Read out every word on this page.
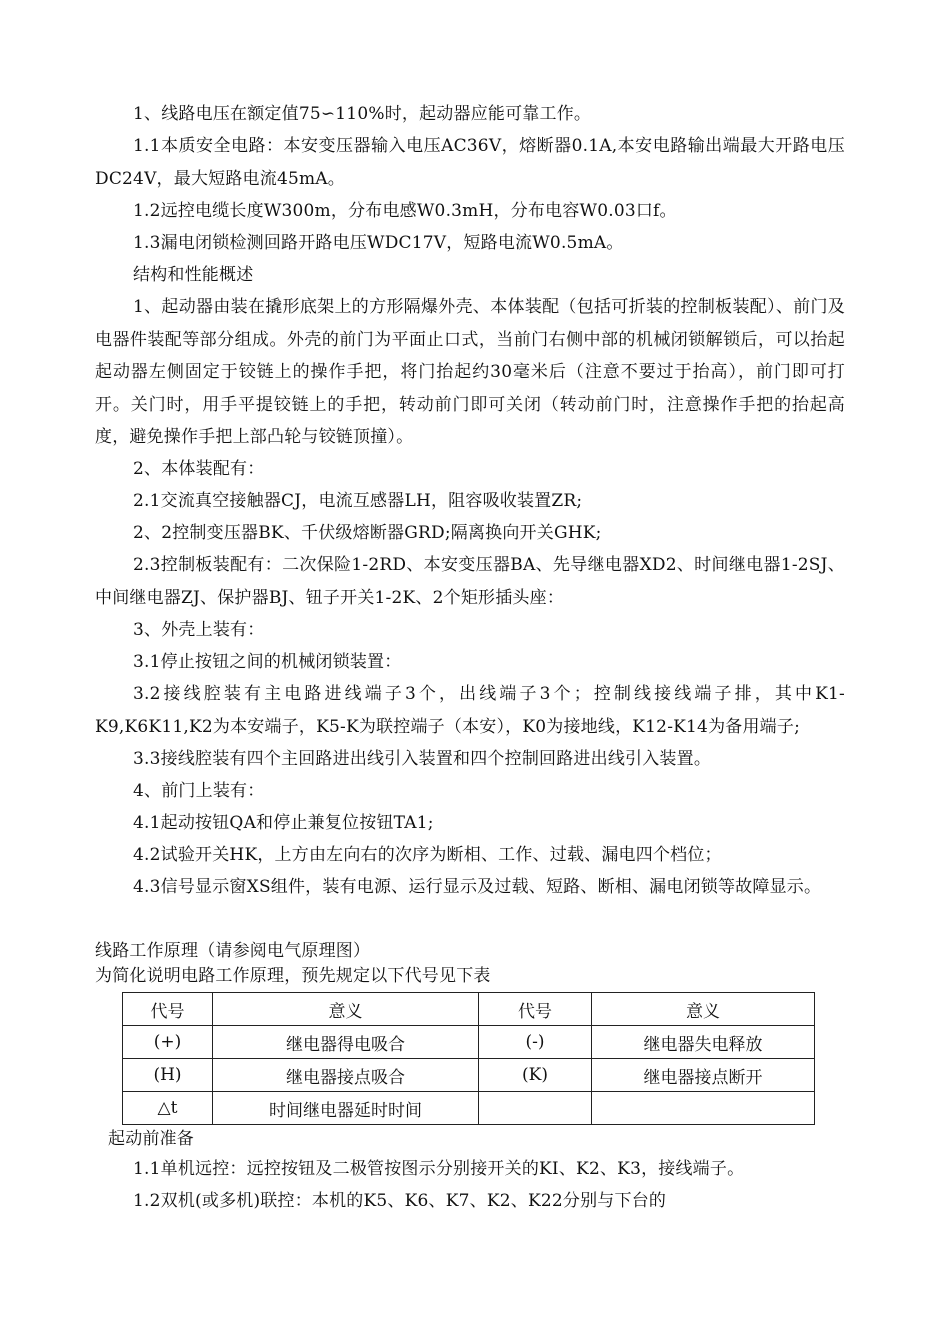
1、线路电压在额定值75∽110%时，起动器应能可靠工作。

1.1本质安全电路：本安变压器输入电压AC36V，熔断器0.1A,本安电路输出端最大开路电压DC24V，最大短路电流45mA。

1.2远控电缆长度W300m，分布电感W0.3mH，分布电容W0.03口f。

1.3漏电闭锁检测回路开路电压WDC17V，短路电流W0.5mA。

结构和性能概述

1、起动器由装在撬形底架上的方形隔爆外壳、本体装配（包括可折装的控制板装配）、前门及电器件装配等部分组成。外壳的前门为平面止口式，当前门右侧中部的机械闭锁解锁后，可以抬起起动器左侧固定于铰链上的操作手把，将门抬起约30毫米后（注意不要过于抬高），前门即可打开。关门时，用手平提铰链上的手把，转动前门即可关闭（转动前门时，注意操作手把的抬起高度，避免操作手把上部凸轮与铰链顶撞）。

2、本体装配有：

2.1交流真空接触器CJ，电流互感器LH，阻容吸收装置ZR;

2、2控制变压器BK、千伏级熔断器GRD;隔离换向开关GHK;

2.3控制板装配有：二次保险1-2RD、本安变压器BA、先导继电器XD2、时间继电器1-2SJ、中间继电器ZJ、保护器BJ、钮子开关1-2K、2个矩形插头座：

3、外壳上装有：

3.1停止按钮之间的机械闭锁装置：

3.2接线腔装有主电路进线端子3个，出线端子3个；控制线接线端子排，其中K1-K9,K6K11,K2为本安端子，K5-K为联控端子（本安），K0为接地线，K12-K14为备用端子;

3.3接线腔装有四个主回路进出线引入装置和四个控制回路进出线引入装置。

4、前门上装有：

4.1起动按钮QA和停止兼复位按钮TA1;

4.2试验开关HK，上方由左向右的次序为断相、工作、过载、漏电四个档位；

4.3信号显示窗XS组件，装有电源、运行显示及过载、短路、断相、漏电闭锁等故障显示。

线路工作原理（请参阅电气原理图）

为简化说明电路工作原理，预先规定以下代号见下表

代号	意义	代号	意义
(+)	继电器得电吸合	(-)	继电器失电释放
(H)	继电器接点吸合	(K)	继电器接点断开
△t	时间继电器延时时间		

起动前准备

1.1单机远控：远控按钮及二极管按图示分别接开关的KI、K2、K3，接线端子。

1.2双机(或多机)联控：本机的K5、K6、K7、K2、K22分别与下台的
